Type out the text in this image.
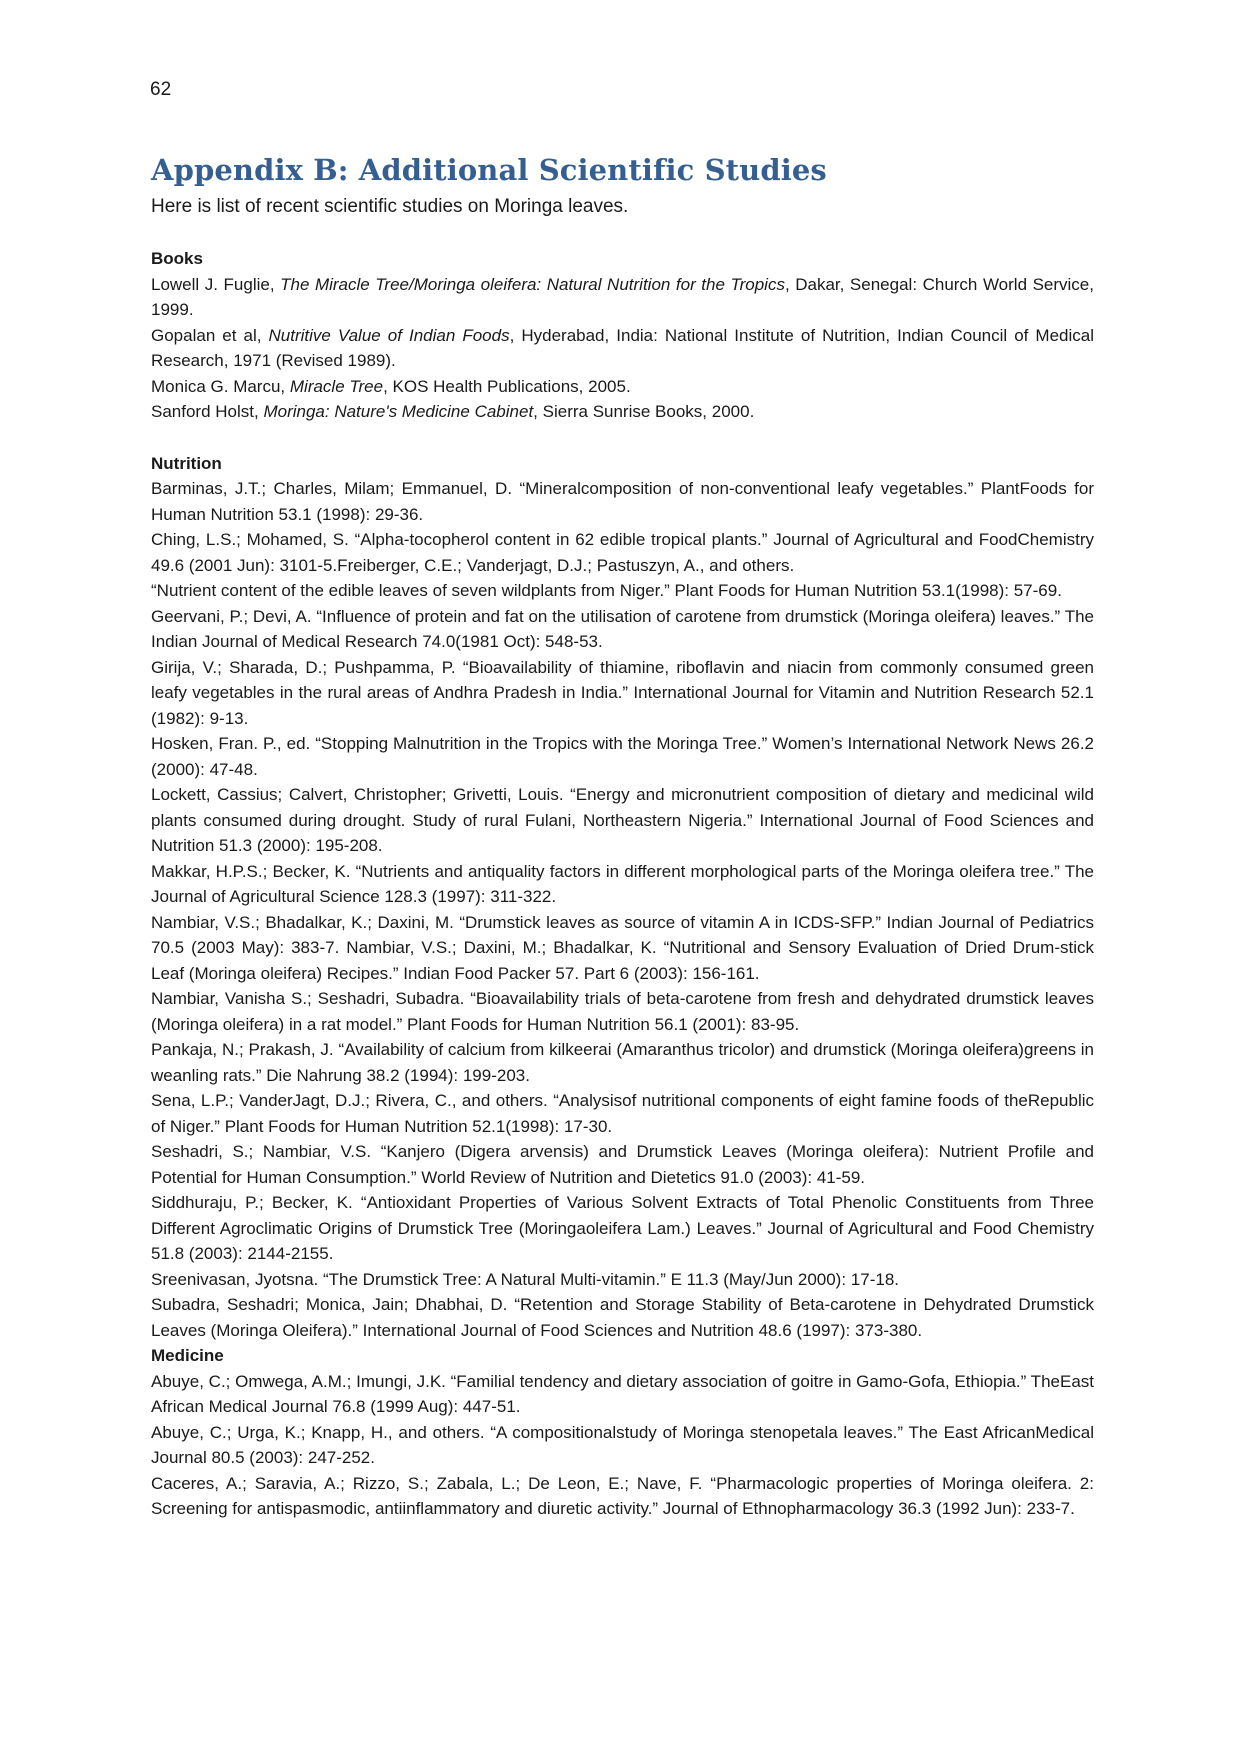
62
Appendix B: Additional Scientific Studies

Here is list of recent scientific studies on Moringa leaves.

Books
Lowell J. Fuglie, The Miracle Tree/Moringa oleifera: Natural Nutrition for the Tropics, Dakar, Senegal: Church World Service, 1999.
Gopalan et al, Nutritive Value of Indian Foods, Hyderabad, India: National Institute of Nutrition, Indian Council of Medical Research, 1971 (Revised 1989).
Monica G. Marcu, Miracle Tree, KOS Health Publications, 2005.
Sanford Holst, Moringa: Nature's Medicine Cabinet, Sierra Sunrise Books, 2000.
Nutrition
Barminas, J.T.; Charles, Milam; Emmanuel, D. “Mineralcomposition of non-conventional leafy vegetables.” PlantFoods for Human Nutrition 53.1 (1998): 29-36.
Ching, L.S.; Mohamed, S. “Alpha-tocopherol content in 62 edible tropical plants.” Journal of Agricultural and FoodChemistry 49.6 (2001 Jun): 3101-5.Freiberger, C.E.; Vanderjagt, D.J.; Pastuszyn, A., and others.
“Nutrient content of the edible leaves of seven wildplants from Niger.” Plant Foods for Human Nutrition 53.1(1998): 57-69.
Geervani, P.; Devi, A. “Influence of protein and fat on the utilisation of carotene from drumstick (Moringa oleifera) leaves.” The Indian Journal of Medical Research 74.0(1981 Oct): 548-53.
Girija, V.; Sharada, D.; Pushpamma, P. “Bioavailability of thiamine, riboflavin and niacin from commonly consumed green leafy vegetables in the rural areas of Andhra Pradesh in India.” International Journal for Vitamin and Nutrition Research 52.1 (1982): 9-13.
Hosken, Fran. P., ed. “Stopping Malnutrition in the Tropics with the Moringa Tree.” Women’s International Network News 26.2 (2000): 47-48.
Lockett, Cassius; Calvert, Christopher; Grivetti, Louis. “Energy and micronutrient composition of dietary and medicinal wild plants consumed during drought. Study of rural Fulani, Northeastern Nigeria.” International Journal of Food Sciences and Nutrition 51.3 (2000): 195-208.
Makkar, H.P.S.; Becker, K. “Nutrients and antiquality factors in different morphological parts of the Moringa oleifera tree.” The Journal of Agricultural Science 128.3 (1997): 311-322.
Nambiar, V.S.; Bhadalkar, K.; Daxini, M. “Drumstick leaves as source of vitamin A in ICDS-SFP.” Indian Journal of Pediatrics 70.5 (2003 May): 383-7. Nambiar, V.S.; Daxini, M.; Bhadalkar, K. “Nutritional and Sensory Evaluation of Dried Drum-stick Leaf (Moringa oleifera) Recipes.” Indian Food Packer 57. Part 6 (2003): 156-161.
Nambiar, Vanisha S.; Seshadri, Subadra. “Bioavailability trials of beta-carotene from fresh and dehydrated drumstick leaves (Moringa oleifera) in a rat model.” Plant Foods for Human Nutrition 56.1 (2001): 83-95.
Pankaja, N.; Prakash, J. “Availability of calcium from kilkeerai (Amaranthus tricolor) and drumstick (Moringa oleifera)greens in weanling rats.” Die Nahrung 38.2 (1994): 199-203.
Sena, L.P.; VanderJagt, D.J.; Rivera, C., and others. “Analysisof nutritional components of eight famine foods of theRepublic of Niger.” Plant Foods for Human Nutrition 52.1(1998): 17-30.
Seshadri, S.; Nambiar, V.S. “Kanjero (Digera arvensis) and Drumstick Leaves (Moringa oleifera): Nutrient Profile and Potential for Human Consumption.” World Review of Nutrition and Dietetics 91.0 (2003): 41-59.
Siddhuraju, P.; Becker, K. “Antioxidant Properties of Various Solvent Extracts of Total Phenolic Constituents from Three Different Agroclimatic Origins of Drumstick Tree (Moringaoleifera Lam.) Leaves.” Journal of Agricultural and Food Chemistry 51.8 (2003): 2144-2155.
Sreenivasan, Jyotsna. “The Drumstick Tree: A Natural Multi-vitamin.” E 11.3 (May/Jun 2000): 17-18.
Subadra, Seshadri; Monica, Jain; Dhabhai, D. “Retention and Storage Stability of Beta-carotene in Dehydrated Drumstick Leaves (Moringa Oleifera).” International Journal of Food Sciences and Nutrition 48.6 (1997): 373-380.
Medicine
Abuye, C.; Omwega, A.M.; Imungi, J.K. “Familial tendency and dietary association of goitre in Gamo-Gofa, Ethiopia.” TheEast African Medical Journal 76.8 (1999 Aug): 447-51.
Abuye, C.; Urga, K.; Knapp, H., and others. “A compositionalstudy of Moringa stenopetala leaves.” The East AfricanMedical Journal 80.5 (2003): 247-252.
Caceres, A.; Saravia, A.; Rizzo, S.; Zabala, L.; De Leon, E.; Nave, F. “Pharmacologic properties of Moringa oleifera. 2: Screening for antispasmodic, antiinflammatory and diuretic activity.” Journal of Ethnopharmacology 36.3 (1992 Jun): 233-7.
